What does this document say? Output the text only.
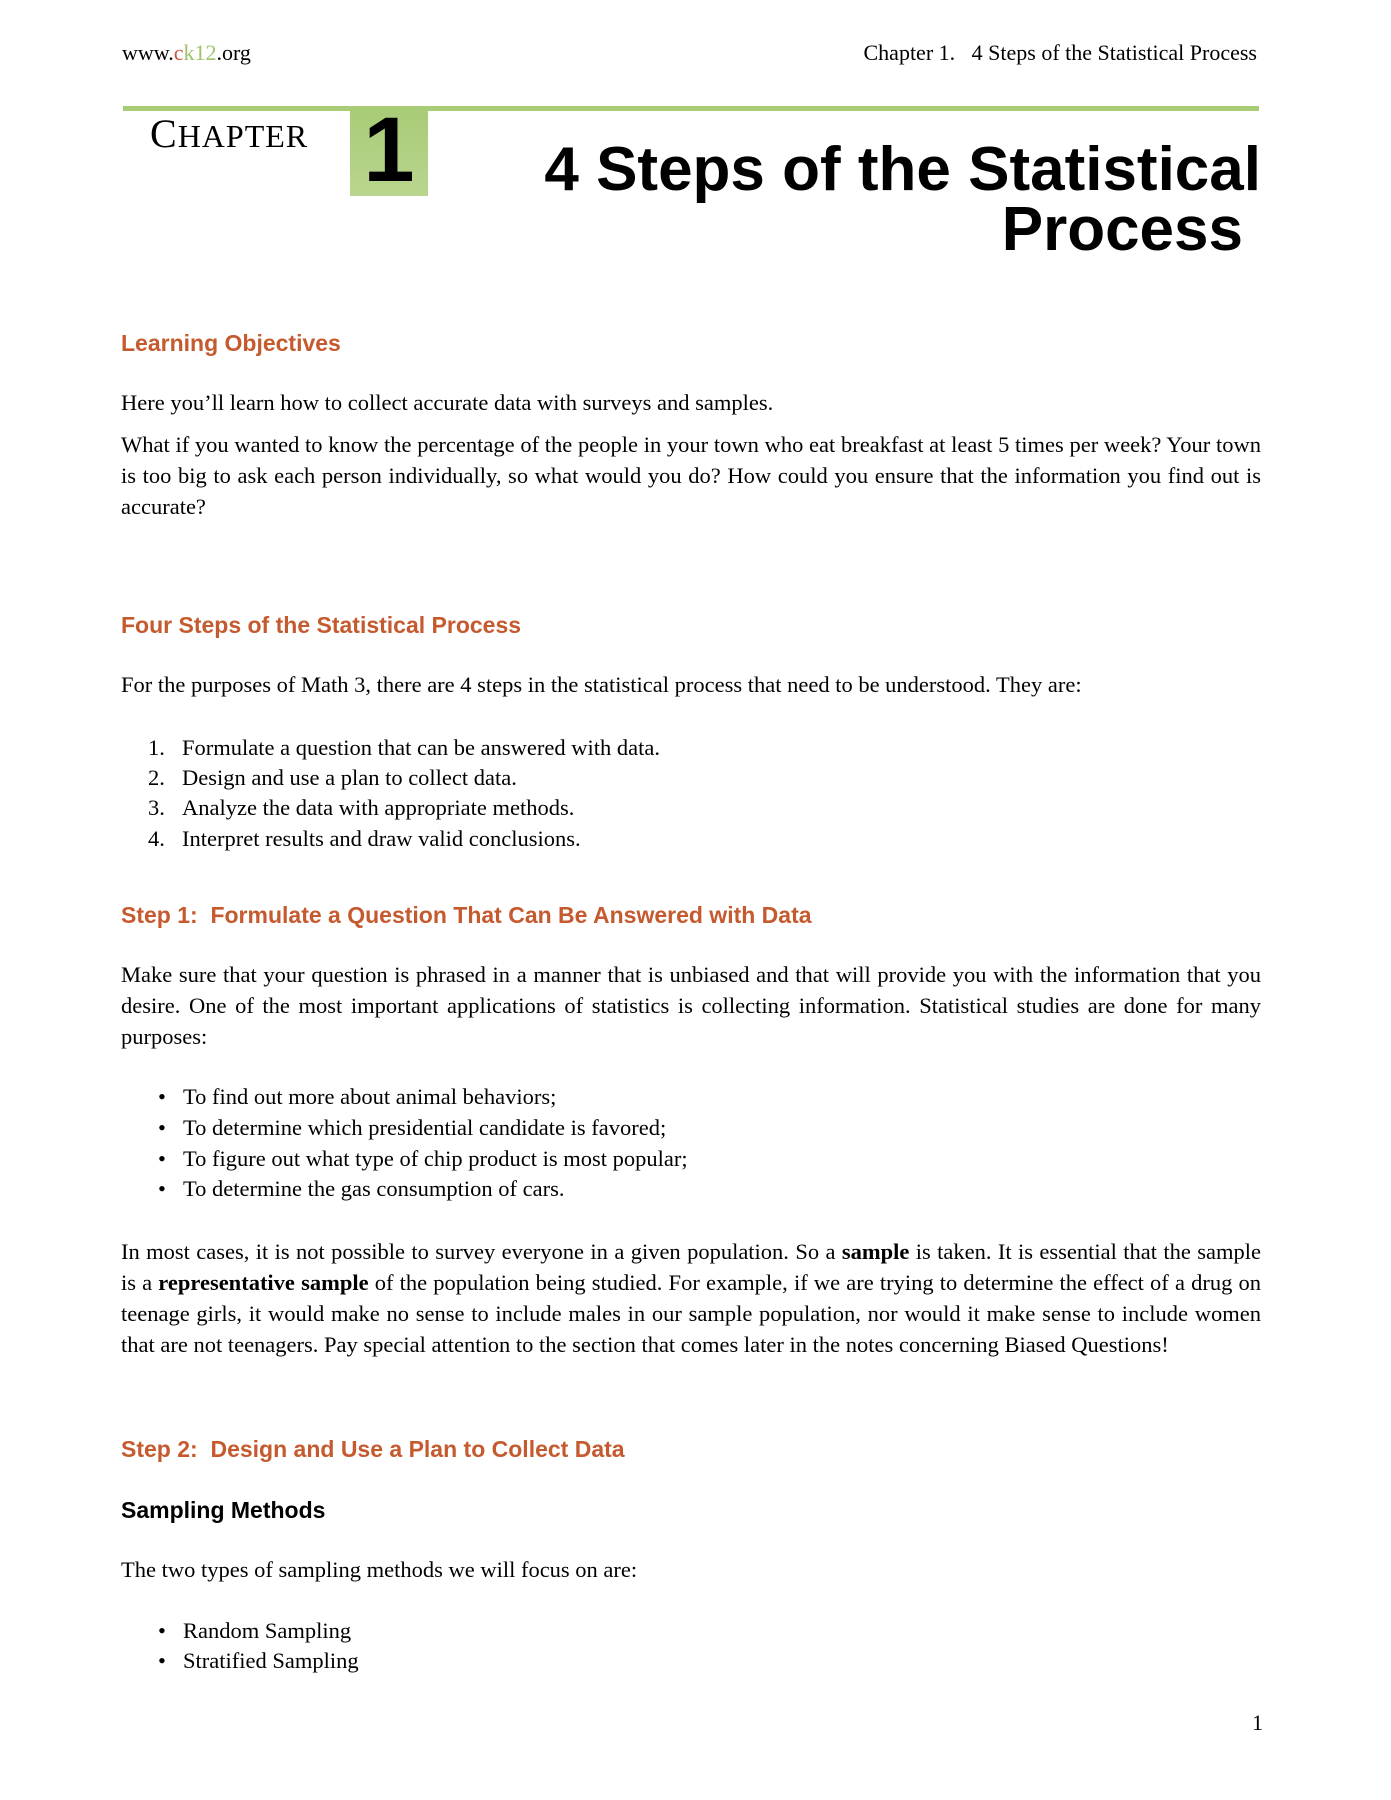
www.ck12.org	Chapter 1.   4 Steps of the Statistical Process
CHAPTER 1	4 Steps of the Statistical
Process
Learning Objectives
Here you’ll learn how to collect accurate data with surveys and samples.
What if you wanted to know the percentage of the people in your town who eat breakfast at least 5 times per week? Your town is too big to ask each person individually, so what would you do? How could you ensure that the information you find out is accurate?
Four Steps of the Statistical Process
For the purposes of Math 3, there are 4 steps in the statistical process that need to be understood. They are:
1. Formulate a question that can be answered with data.
2. Design and use a plan to collect data.
3. Analyze the data with appropriate methods.
4. Interpret results and draw valid conclusions.
Step 1:  Formulate a Question That Can Be Answered with Data
Make sure that your question is phrased in a manner that is unbiased and that will provide you with the information that you desire. One of the most important applications of statistics is collecting information. Statistical studies are done for many purposes:
• To find out more about animal behaviors;
• To determine which presidential candidate is favored;
• To figure out what type of chip product is most popular;
• To determine the gas consumption of cars.
In most cases, it is not possible to survey everyone in a given population. So a sample is taken. It is essential that the sample is a representative sample of the population being studied. For example, if we are trying to determine the effect of a drug on teenage girls, it would make no sense to include males in our sample population, nor would it make sense to include women that are not teenagers. Pay special attention to the section that comes later in the notes concerning Biased Questions!
Step 2:  Design and Use a Plan to Collect Data
Sampling Methods
The two types of sampling methods we will focus on are:
• Random Sampling
• Stratified Sampling
1
